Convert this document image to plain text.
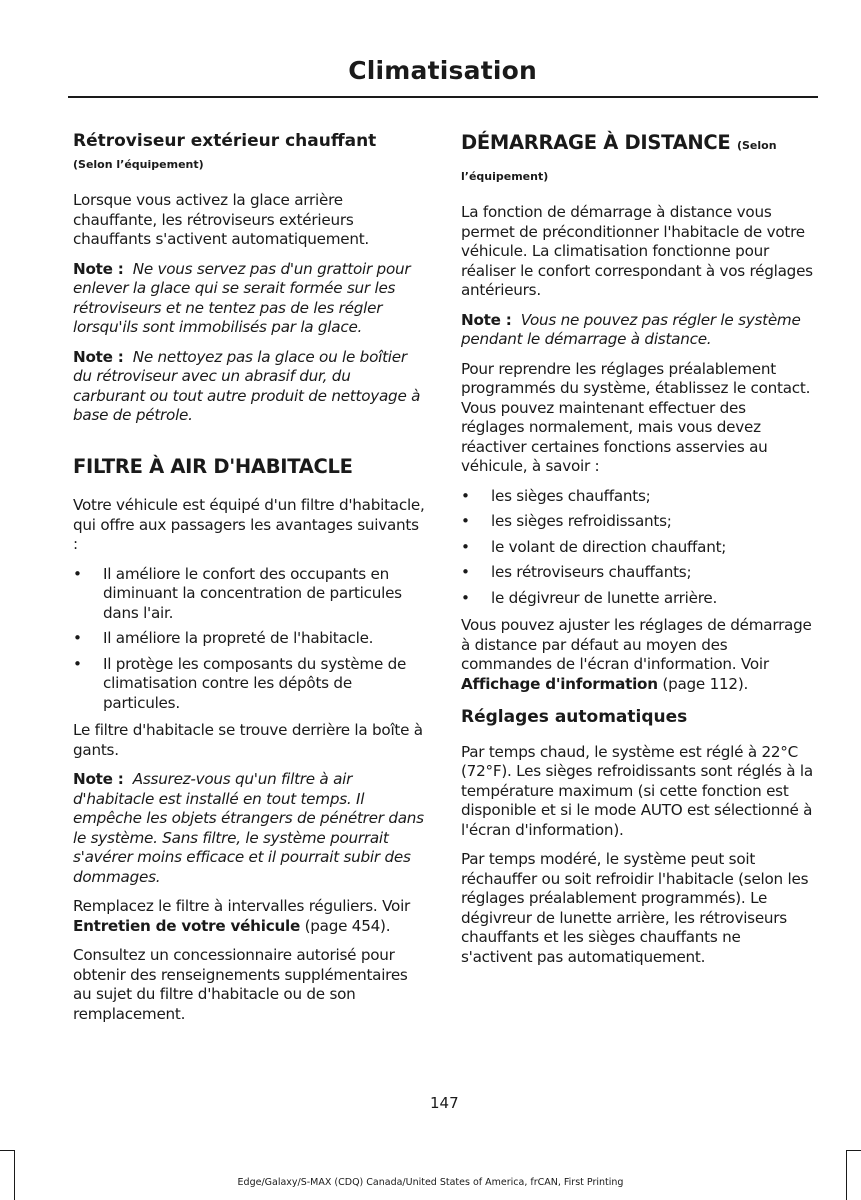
Climatisation
Rétroviseur extérieur chauffant
(Selon l’équipement)

Lorsque vous activez la glace arrière chauffante, les rétroviseurs extérieurs chauffants s'activent automatiquement.

Note : Ne vous servez pas d'un grattoir pour enlever la glace qui se serait formée sur les rétroviseurs et ne tentez pas de les régler lorsqu'ils sont immobilisés par la glace.

Note : Ne nettoyez pas la glace ou le boîtier du rétroviseur avec un abrasif dur, du carburant ou tout autre produit de nettoyage à base de pétrole.

FILTRE À AIR D'HABITACLE

Votre véhicule est équipé d'un filtre d'habitacle, qui offre aux passagers les avantages suivants :

• Il améliore le confort des occupants en diminuant la concentration de particules dans l'air.
• Il améliore la propreté de l'habitacle.
• Il protège les composants du système de climatisation contre les dépôts de particules.

Le filtre d'habitacle se trouve derrière la boîte à gants.

Note : Assurez-vous qu'un filtre à air d'habitacle est installé en tout temps. Il empêche les objets étrangers de pénétrer dans le système. Sans filtre, le système pourrait s'avérer moins efficace et il pourrait subir des dommages.

Remplacez le filtre à intervalles réguliers. Voir Entretien de votre véhicule (page 454).

Consultez un concessionnaire autorisé pour obtenir des renseignements supplémentaires au sujet du filtre d'habitacle ou de son remplacement.

DÉMARRAGE À DISTANCE (Selon
l’équipement)

La fonction de démarrage à distance vous permet de préconditionner l'habitacle de votre véhicule. La climatisation fonctionne pour réaliser le confort correspondant à vos réglages antérieurs.

Note : Vous ne pouvez pas régler le système pendant le démarrage à distance.

Pour reprendre les réglages préalablement programmés du système, établissez le contact. Vous pouvez maintenant effectuer des réglages normalement, mais vous devez réactiver certaines fonctions asservies au véhicule, à savoir :

• les sièges chauffants;
• les sièges refroidissants;
• le volant de direction chauffant;
• les rétroviseurs chauffants;
• le dégivreur de lunette arrière.

Vous pouvez ajuster les réglages de démarrage à distance par défaut au moyen des commandes de l'écran d'information. Voir Affichage d'information (page 112).

Réglages automatiques

Par temps chaud, le système est réglé à 22°C (72°F). Les sièges refroidissants sont réglés à la température maximum (si cette fonction est disponible et si le mode AUTO est sélectionné à l'écran d'information).

Par temps modéré, le système peut soit réchauffer ou soit refroidir l'habitacle (selon les réglages préalablement programmés). Le dégivreur de lunette arrière, les rétroviseurs chauffants et les sièges chauffants ne s'activent pas automatiquement.

147
Edge/Galaxy/S-MAX (CDQ) Canada/United States of America, frCAN, First Printing
